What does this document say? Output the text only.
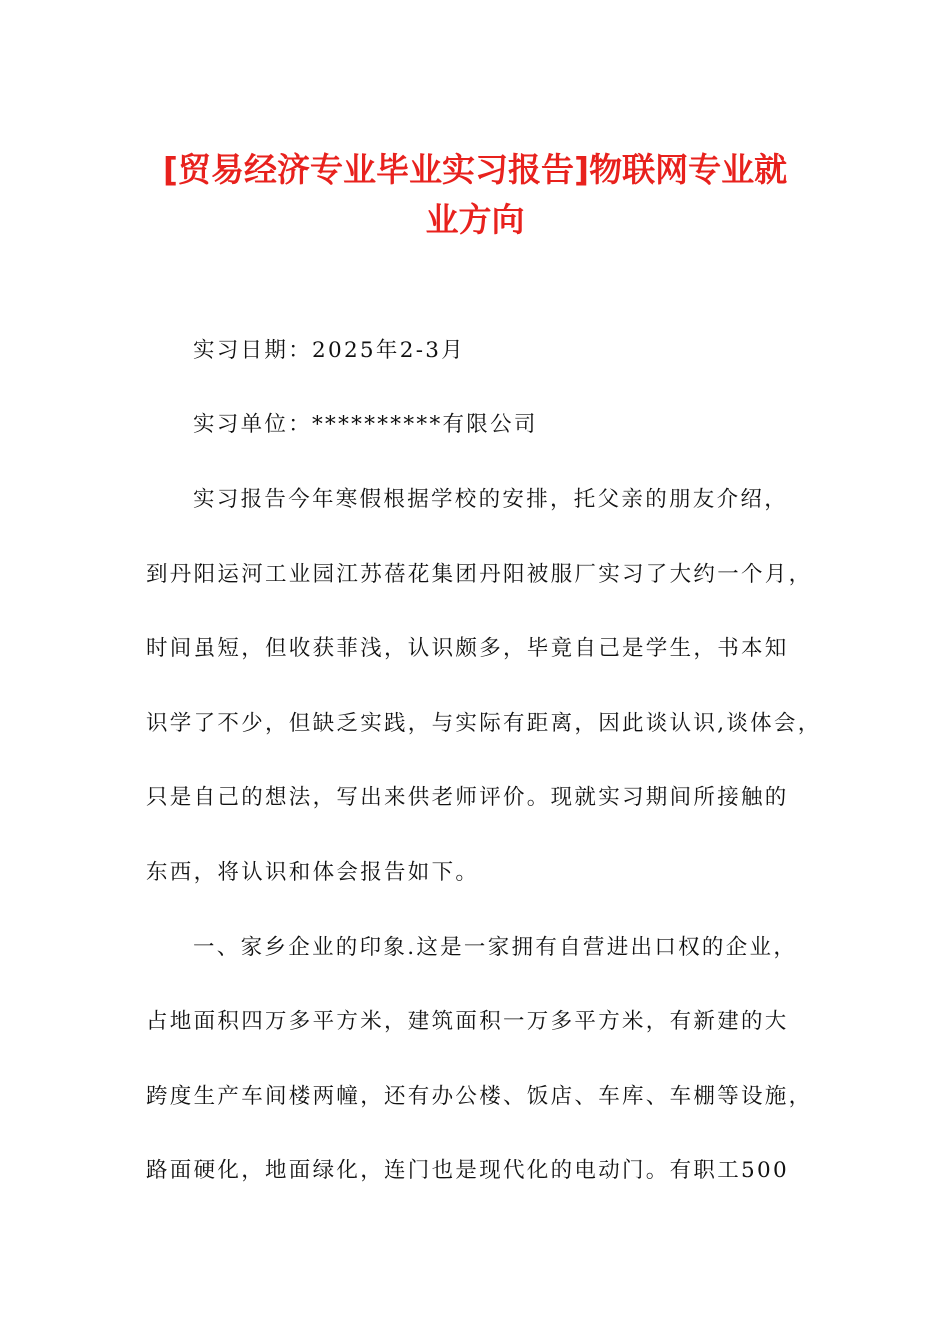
[贸易经济专业毕业实习报告]物联网专业就
业方向
实习日期：2025年2-3月
实习单位：**********有限公司
实习报告今年寒假根据学校的安排，托父亲的朋友介绍，
到丹阳运河工业园江苏蓓花集团丹阳被服厂实习了大约一个月，
时间虽短，但收获菲浅，认识颇多，毕竟自己是学生，书本知
识学了不少，但缺乏实践，与实际有距离，因此谈认识,谈体会，
只是自己的想法，写出来供老师评价。现就实习期间所接触的
东西，将认识和体会报告如下。
一、家乡企业的印象.这是一家拥有自营进出口权的企业，
占地面积四万多平方米，建筑面积一万多平方米，有新建的大
跨度生产车间楼两幢，还有办公楼、饭店、车库、车棚等设施，
路面硬化，地面绿化，连门也是现代化的电动门。有职工500
